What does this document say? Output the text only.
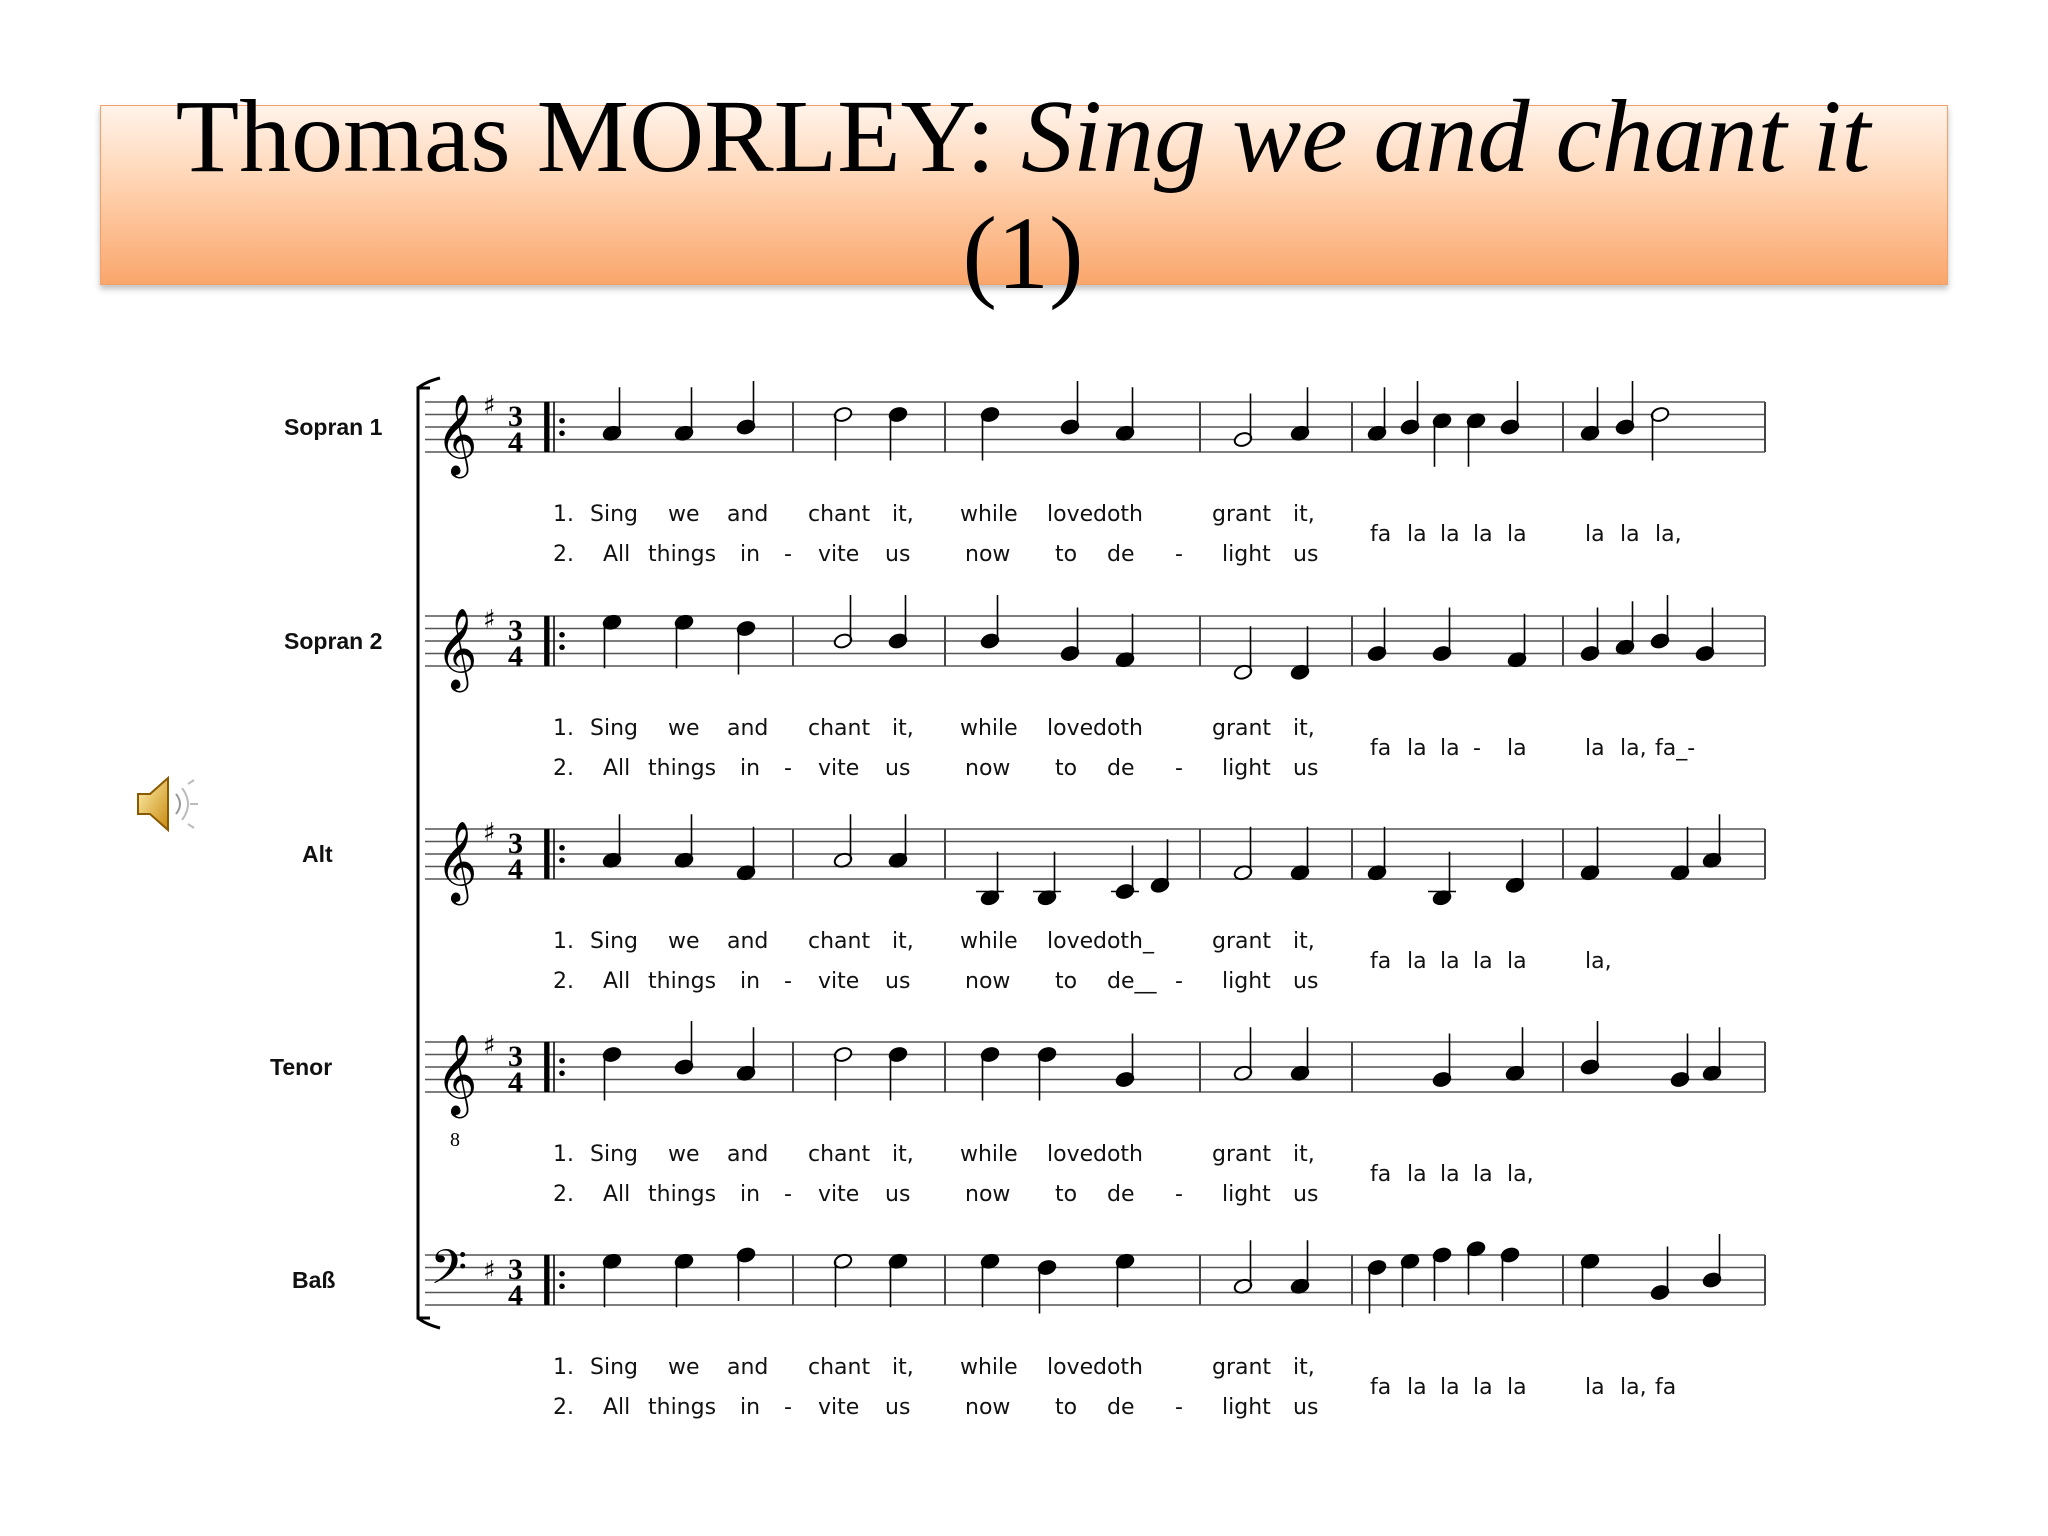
Thomas MORLEY: Sing we and chant it
(1)
𝄞 ♯ 3
4
𝄞 ♯ 3
4
𝄞 ♯ 3
4
𝄞
8
♯ 3
4
𝄢 ♯ 3
4
Sopran 1
1. Sing we and chant it, while love doth	grant it,
2. All things in - vite us now to de - light us
fa la la la la	la la la,
Sopran 2
1. Sing we and chant it, while love doth	grant it,
2. All things in - vite us now to de - light us
fa la la - la	la la, fa_-
Alt
1. Sing we and chant it, while love doth_	grant it,
2. All things in - vite us now to de__ - light us
fa la la la la	la,
Tenor
1. Sing we and chant it, while love doth	grant it,
2. All things in - vite us now to de - light us
fa la la la la,
Baß
1. Sing we and chant it, while love doth	grant it,
2. All things in - vite us now to de - light us
fa la la la la	la la, fa
